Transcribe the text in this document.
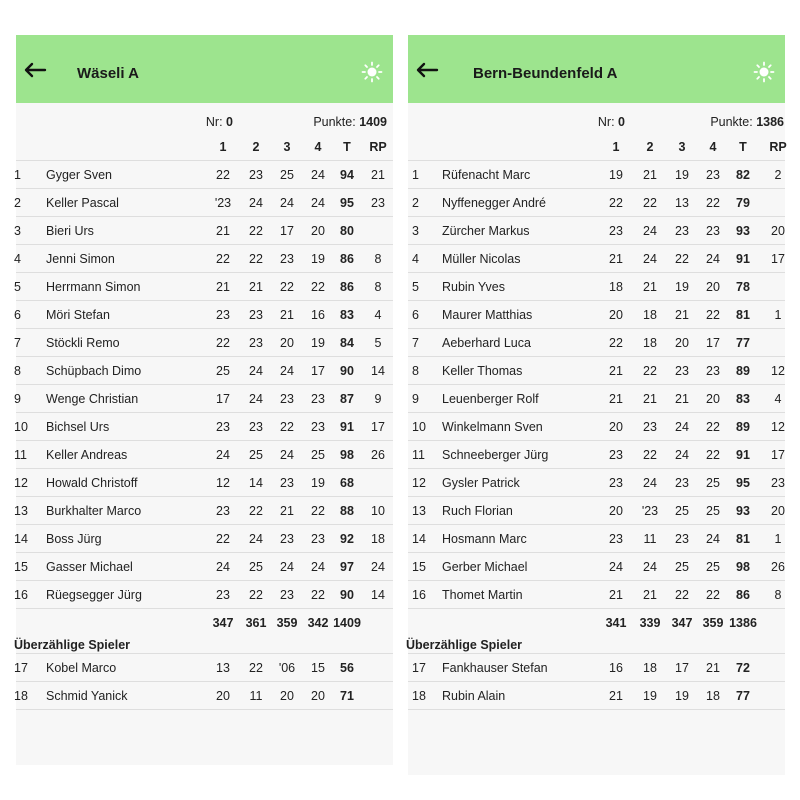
Wäseli A
Nr: 0	Punkte: 1409
1	2	3	4	T	RP
1 Gyger Sven	22	23	25	24	94	21
2 Keller Pascal	'23	24	24	24	95	23
3 Bieri Urs	21	22	17	20	80
4 Jenni Simon	22	22	23	19	86	8
5 Herrmann Simon	21	21	22	22	86	8
6 Möri Stefan	23	23	21	16	83	4
7 Stöckli Remo	22	23	20	19	84	5
8 Schüpbach Dimo	25	24	24	17	90	14
9 Wenge Christian	17	24	23	23	87	9
10 Bichsel Urs	23	23	22	23	91	17
11 Keller Andreas	24	25	24	25	98	26
12 Howald Christoff	12	14	23	19	68
13 Burkhalter Marco	23	22	21	22	88	10
14 Boss Jürg	22	24	23	23	92	18
15 Gasser Michael	24	25	24	24	97	24
16 Rüegsegger Jürg	23	22	23	22	90	14
347 361 359 342 1409
Überzählige Spieler
17 Kobel Marco	13	22	'06	15	56
18 Schmid Yanick	20	11	20	20	71
Bern-Beundenfeld A
Nr: 0	Punkte: 1386
1	2	3	4	T	RP
1 Rüfenacht Marc	19	21	19	23	82	2
2 Nyffenegger André	22	22	13	22	79
3 Zürcher Markus	23	24	23	23	93	20
4 Müller Nicolas	21	24	22	24	91	17
5 Rubin Yves	18	21	19	20	78
6 Maurer Matthias	20	18	21	22	81	1
7 Aeberhard Luca	22	18	20	17	77
8 Keller Thomas	21	22	23	23	89	12
9 Leuenberger Rolf	21	21	21	20	83	4
10 Winkelmann Sven	20	23	24	22	89	12
11 Schneeberger Jürg	23	22	24	22	91	17
12 Gysler Patrick	23	24	23	25	95	23
13 Ruch Florian	20	'23	25	25	93	20
14 Hosmann Marc	23	11	23	24	81	1
15 Gerber Michael	24	24	25	25	98	26
16 Thomet Martin	21	21	22	22	86	8
341	339 347 359 1386
Überzählige Spieler
17 Fankhauser Stefan	16	18	17	21	72
18 Rubin Alain	21	19	19	18	77
